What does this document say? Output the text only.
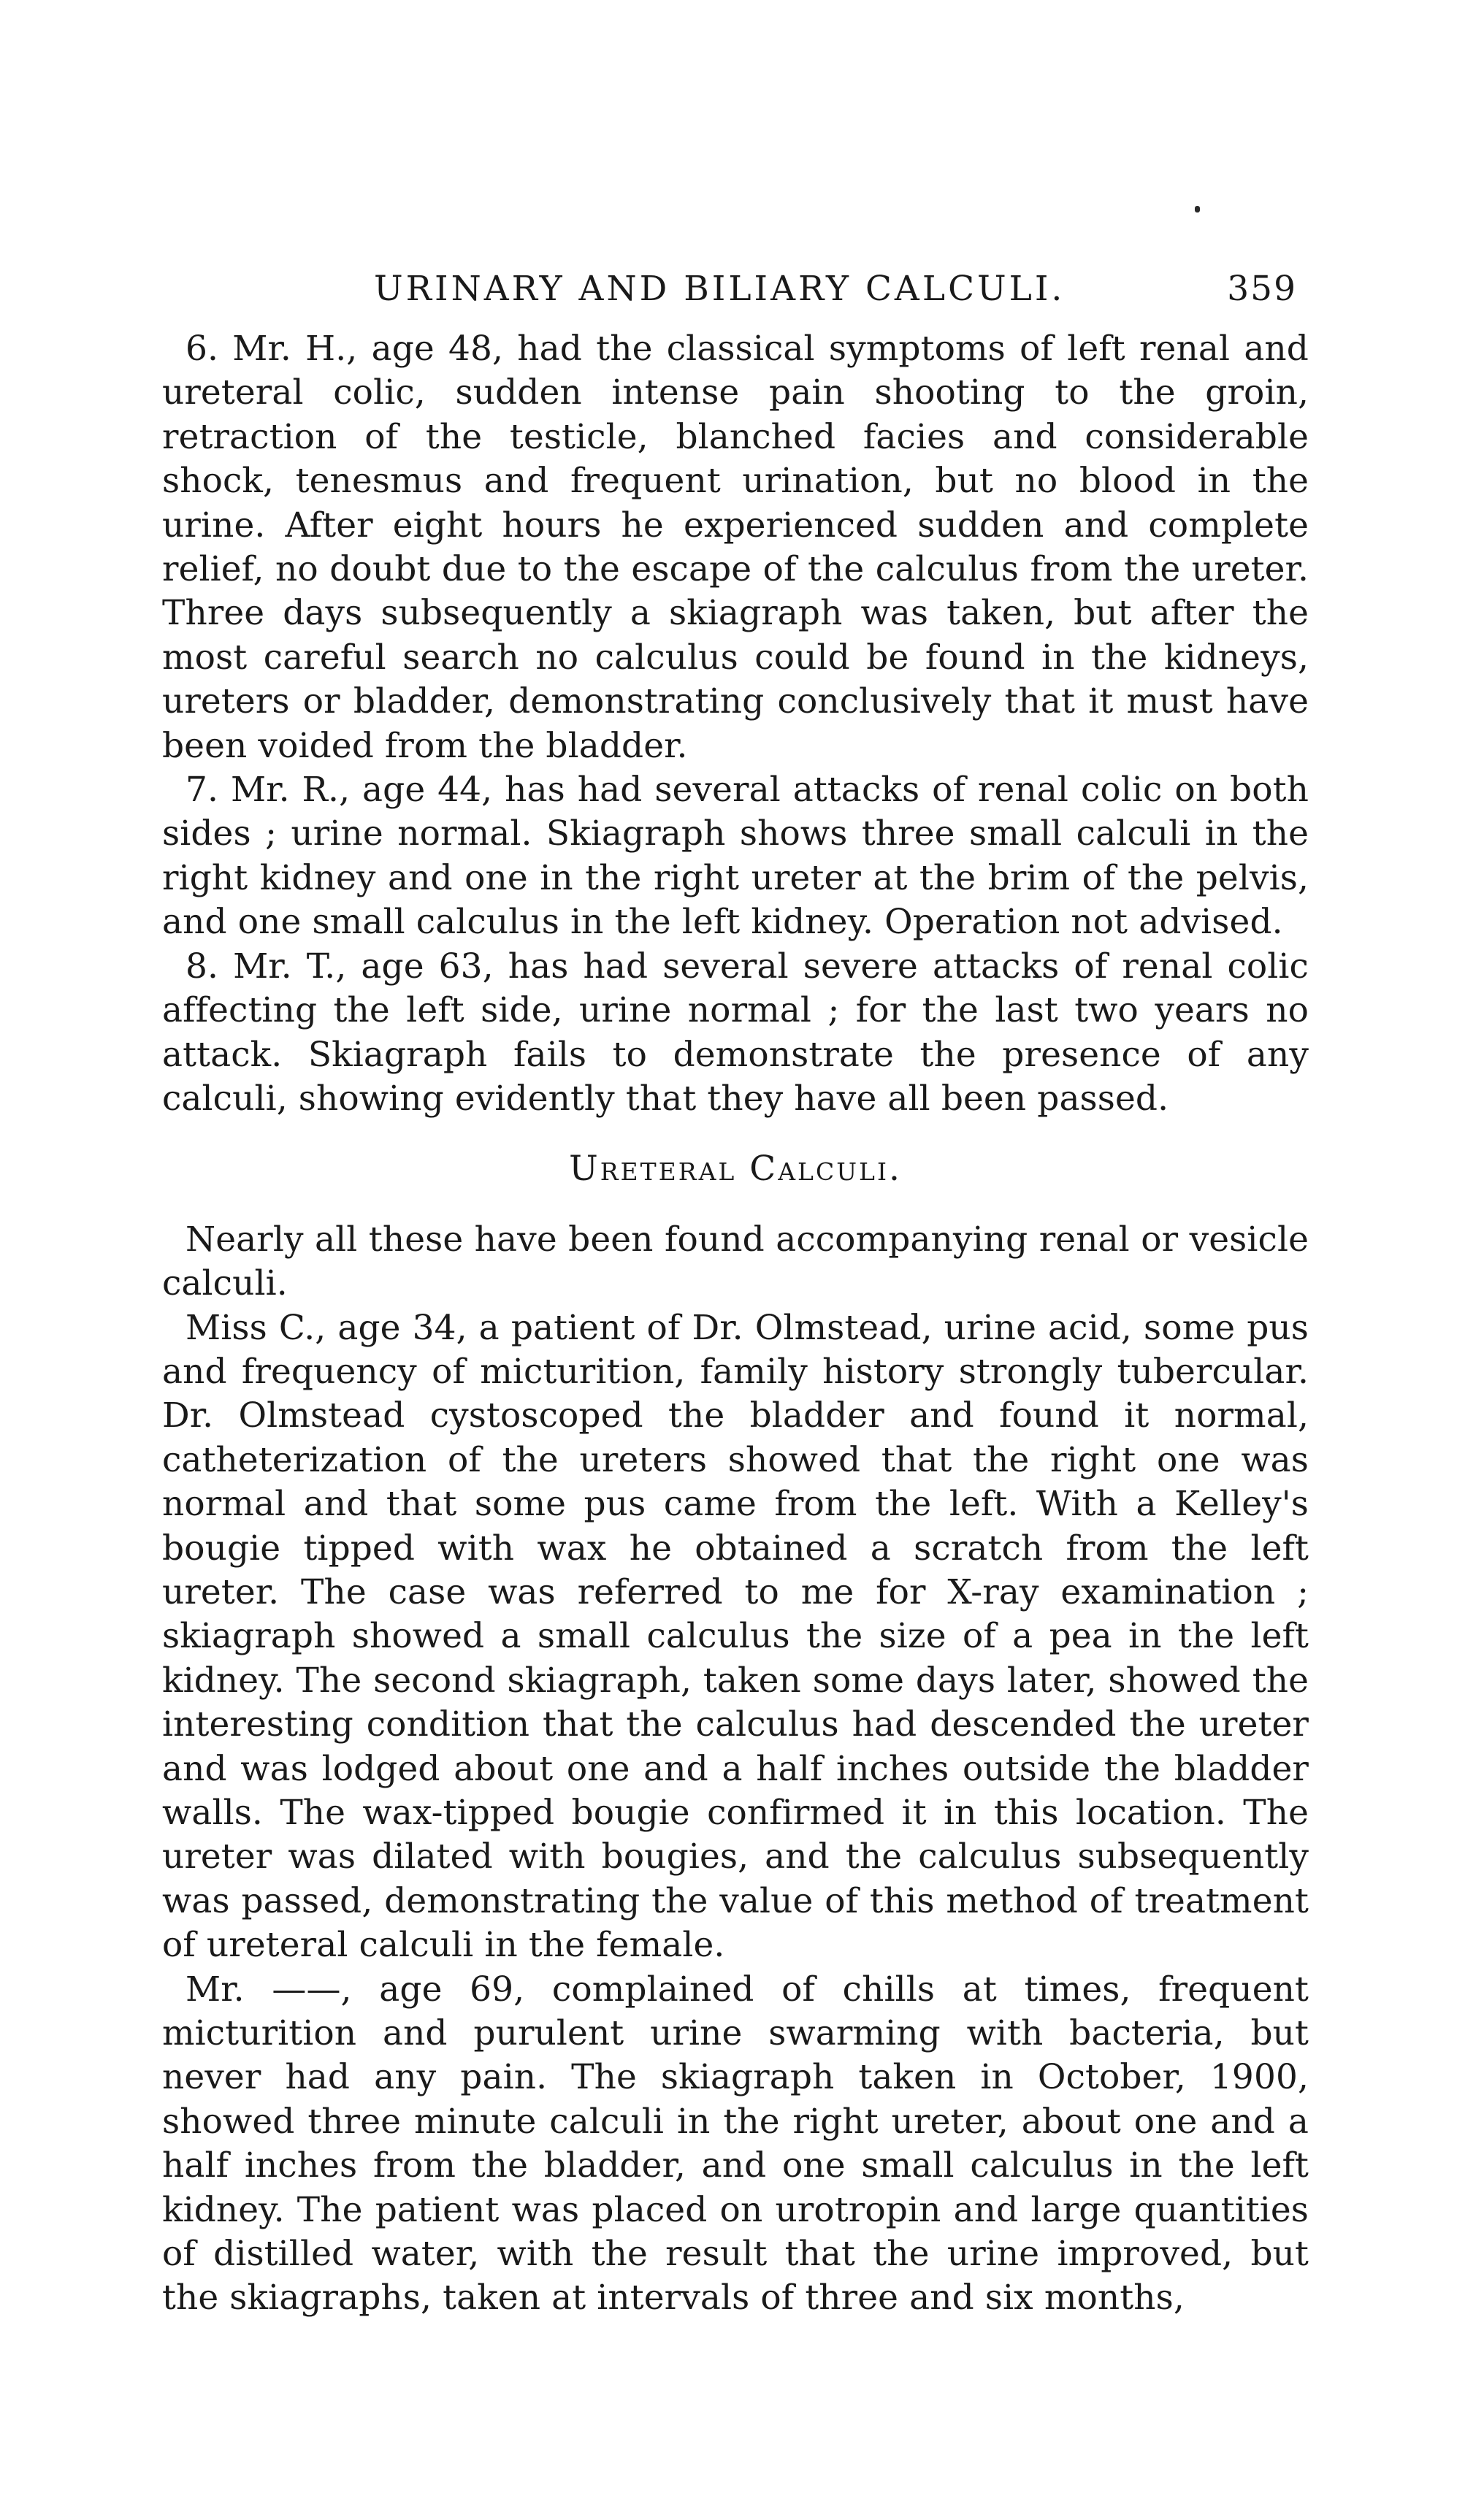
URINARY AND BILIARY CALCULI.	359

6. Mr. H., age 48, had the classical symptoms of left renal and ureteral colic, sudden intense pain shooting to the groin, retraction of the testicle, blanched facies and considerable shock, tenesmus and frequent urination, but no blood in the urine. After eight hours he experienced sudden and complete relief, no doubt due to the escape of the calculus from the ureter. Three days subsequently a skiagraph was taken, but after the most careful search no calculus could be found in the kidneys, ureters or bladder, demonstrating conclusively that it must have been voided from the bladder.

7. Mr. R., age 44, has had several attacks of renal colic on both sides ; urine normal. Skiagraph shows three small calculi in the right kidney and one in the right ureter at the brim of the pelvis, and one small calculus in the left kidney. Operation not advised.

8. Mr. T., age 63, has had several severe attacks of renal colic affecting the left side, urine normal ; for the last two years no attack. Skiagraph fails to demonstrate the presence of any calculi, showing evidently that they have all been passed.

Ureteral Calculi.

Nearly all these have been found accompanying renal or vesicle calculi.

Miss C., age 34, a patient of Dr. Olmstead, urine acid, some pus and frequency of micturition, family history strongly tubercular. Dr. Olmstead cystoscoped the bladder and found it normal, catheterization of the ureters showed that the right one was normal and that some pus came from the left. With a Kelley's bougie tipped with wax he obtained a scratch from the left ureter. The case was referred to me for X-ray examination ; skiagraph showed a small calculus the size of a pea in the left kidney. The second skiagraph, taken some days later, showed the interesting condition that the calculus had descended the ureter and was lodged about one and a half inches outside the bladder walls. The wax-tipped bougie confirmed it in this location. The ureter was dilated with bougies, and the calculus subsequently was passed, demonstrating the value of this method of treatment of ureteral calculi in the female.

Mr. ——, age 69, complained of chills at times, frequent micturition and purulent urine swarming with bacteria, but never had any pain. The skiagraph taken in October, 1900, showed three minute calculi in the right ureter, about one and a half inches from the bladder, and one small calculus in the left kidney. The patient was placed on urotropin and large quantities of distilled water, with the result that the urine improved, but the skiagraphs, taken at intervals of three and six months,
